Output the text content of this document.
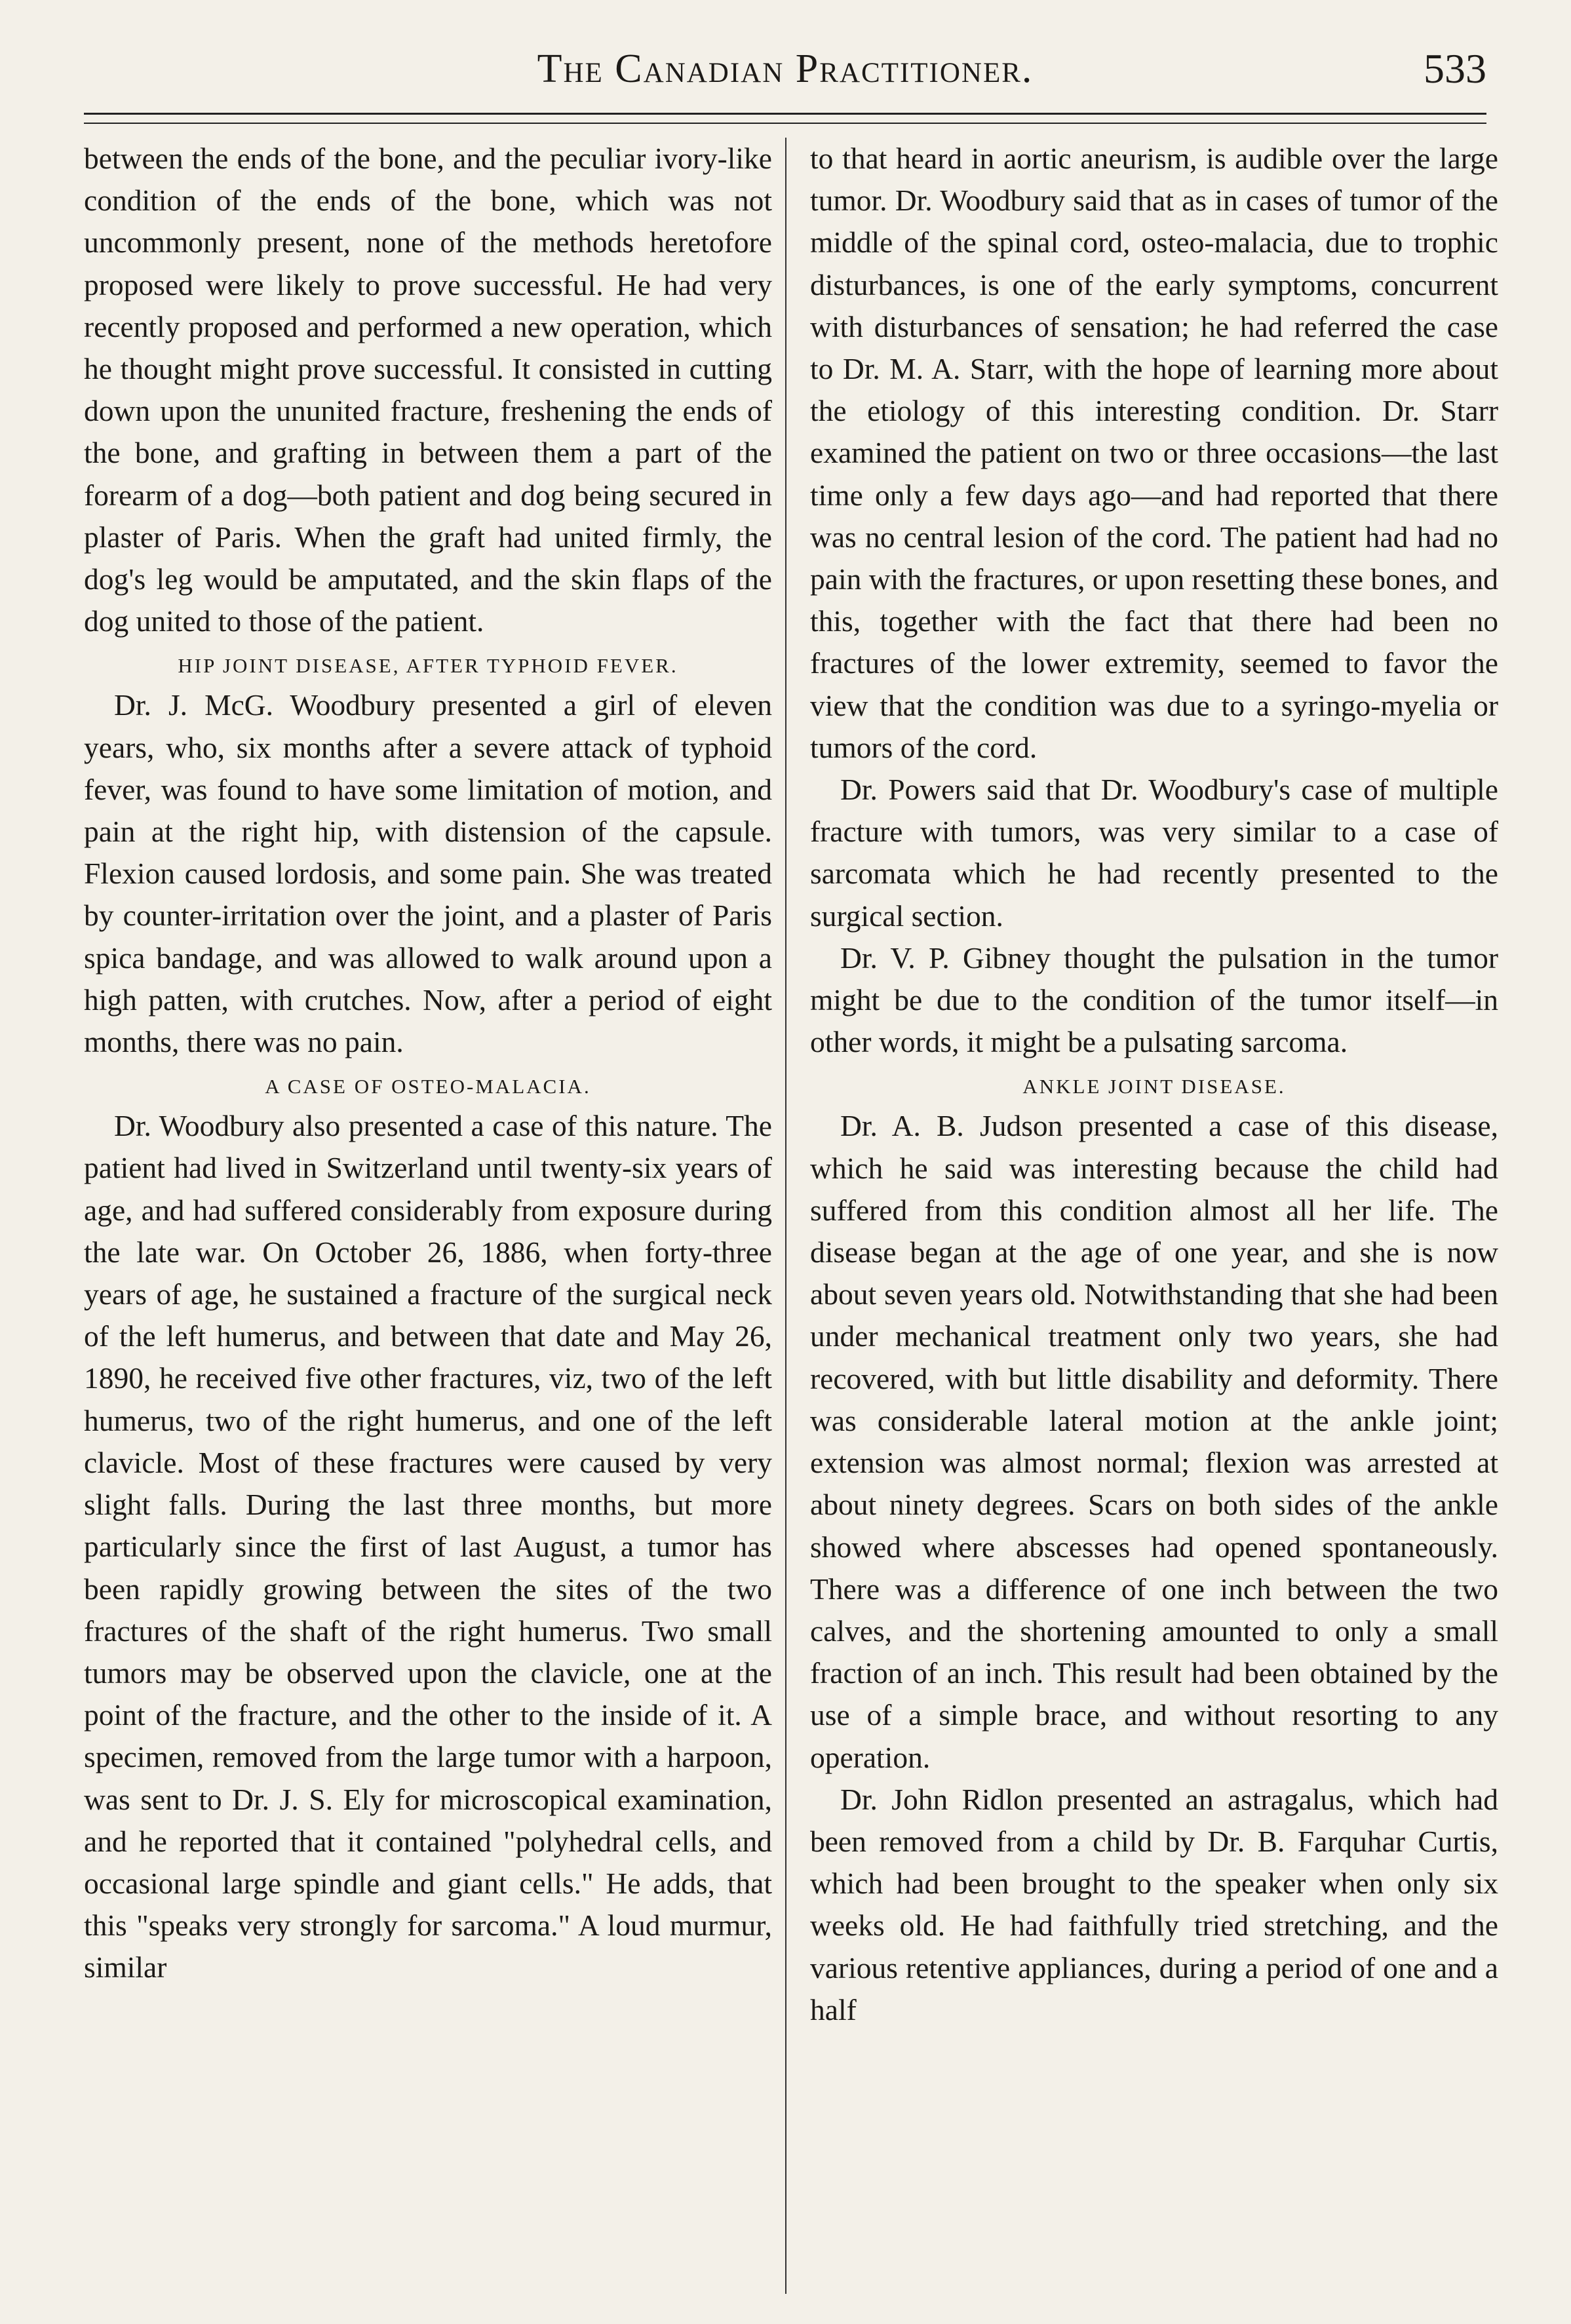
The Canadian Practitioner.	533

between the ends of the bone, and the peculiar ivory-like condition of the ends of the bone, which was not uncommonly present, none of the methods heretofore proposed were likely to prove successful. He had very recently proposed and performed a new operation, which he thought might prove successful. It consisted in cutting down upon the ununited fracture, freshening the ends of the bone, and grafting in between them a part of the forearm of a dog—both patient and dog being secured in plaster of Paris. When the graft had united firmly, the dog's leg would be amputated, and the skin flaps of the dog united to those of the patient.

HIP JOINT DISEASE, AFTER TYPHOID FEVER.

Dr. J. McG. Woodbury presented a girl of eleven years, who, six months after a severe attack of typhoid fever, was found to have some limitation of motion, and pain at the right hip, with distension of the capsule. Flexion caused lordosis, and some pain. She was treated by counter-irritation over the joint, and a plaster of Paris spica bandage, and was allowed to walk around upon a high patten, with crutches. Now, after a period of eight months, there was no pain.

A CASE OF OSTEO-MALACIA.

Dr. Woodbury also presented a case of this nature. The patient had lived in Switzerland until twenty-six years of age, and had suffered considerably from exposure during the late war. On October 26, 1886, when forty-three years of age, he sustained a fracture of the surgical neck of the left humerus, and between that date and May 26, 1890, he received five other fractures, viz, two of the left humerus, two of the right humerus, and one of the left clavicle. Most of these fractures were caused by very slight falls. During the last three months, but more particularly since the first of last August, a tumor has been rapidly growing between the sites of the two fractures of the shaft of the right humerus. Two small tumors may be observed upon the clavicle, one at the point of the fracture, and the other to the inside of it. A specimen, removed from the large tumor with a harpoon, was sent to Dr. J. S. Ely for microscopical examination, and he reported that it contained "polyhedral cells, and occasional large spindle and giant cells." He adds, that this "speaks very strongly for sarcoma." A loud murmur, similar

to that heard in aortic aneurism, is audible over the large tumor. Dr. Woodbury said that as in cases of tumor of the middle of the spinal cord, osteo-malacia, due to trophic disturbances, is one of the early symptoms, concurrent with disturbances of sensation; he had referred the case to Dr. M. A. Starr, with the hope of learning more about the etiology of this interesting condition. Dr. Starr examined the patient on two or three occasions—the last time only a few days ago—and had reported that there was no central lesion of the cord. The patient had had no pain with the fractures, or upon resetting these bones, and this, together with the fact that there had been no fractures of the lower extremity, seemed to favor the view that the condition was due to a syringo-myelia or tumors of the cord.

Dr. Powers said that Dr. Woodbury's case of multiple fracture with tumors, was very similar to a case of sarcomata which he had recently presented to the surgical section.

Dr. V. P. Gibney thought the pulsation in the tumor might be due to the condition of the tumor itself—in other words, it might be a pulsating sarcoma.

ANKLE JOINT DISEASE.

Dr. A. B. Judson presented a case of this disease, which he said was interesting because the child had suffered from this condition almost all her life. The disease began at the age of one year, and she is now about seven years old. Notwithstanding that she had been under mechanical treatment only two years, she had recovered, with but little disability and deformity. There was considerable lateral motion at the ankle joint; extension was almost normal; flexion was arrested at about ninety degrees. Scars on both sides of the ankle showed where abscesses had opened spontaneously. There was a difference of one inch between the two calves, and the shortening amounted to only a small fraction of an inch. This result had been obtained by the use of a simple brace, and without resorting to any operation.

Dr. John Ridlon presented an astragalus, which had been removed from a child by Dr. B. Farquhar Curtis, which had been brought to the speaker when only six weeks old. He had faithfully tried stretching, and the various retentive appliances, during a period of one and a half
